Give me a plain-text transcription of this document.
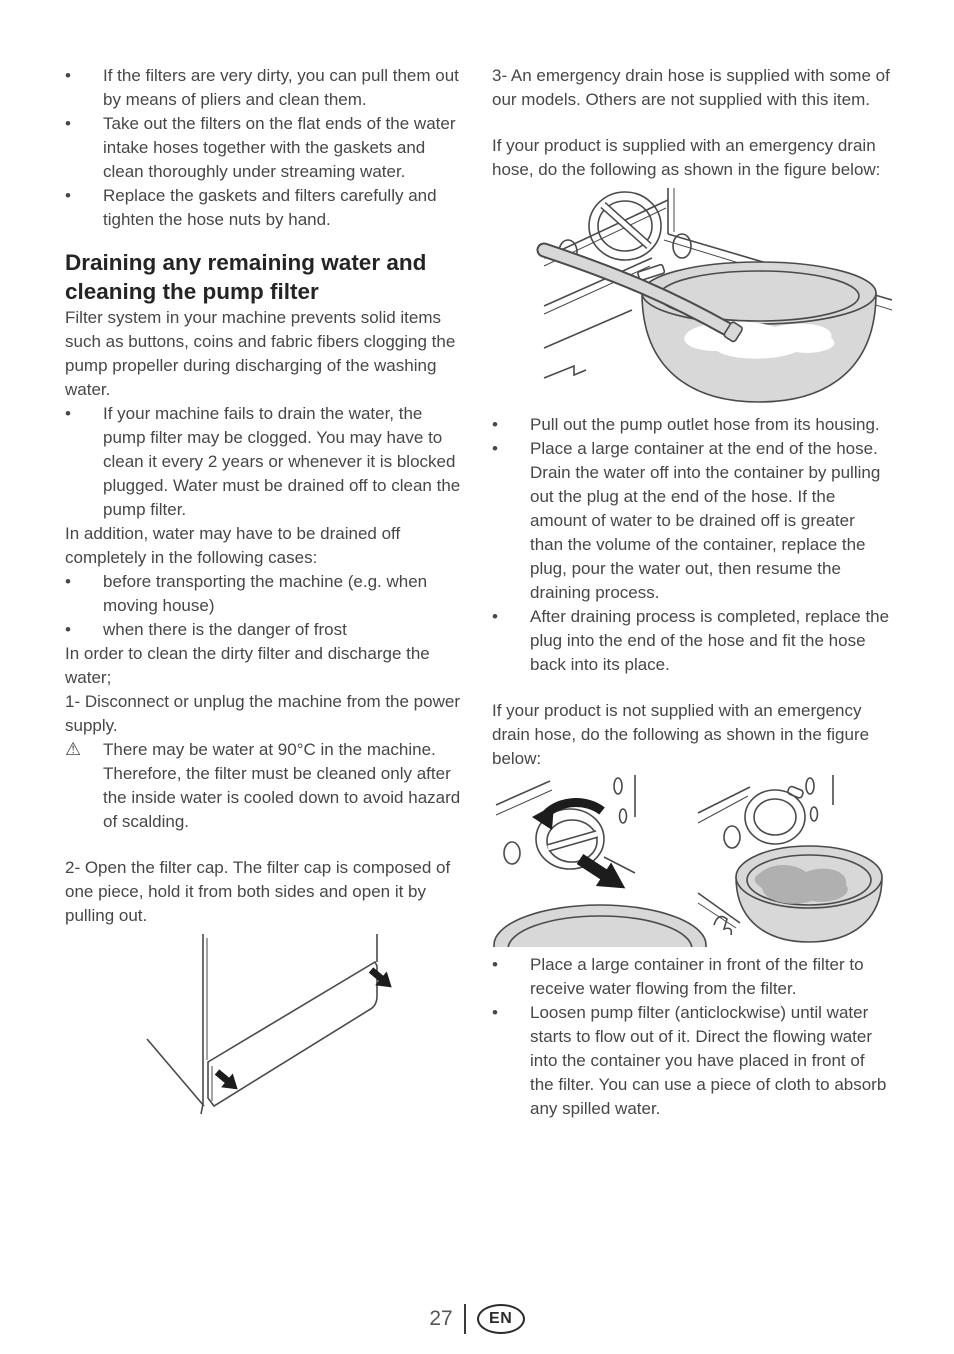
•	If the filters are very dirty, you can pull them out by means of pliers and clean them.
•	Take out the filters on the flat ends of the water intake hoses together with the gaskets and clean thoroughly under streaming water.
•	Replace the gaskets and filters carefully and tighten the hose nuts by hand.
Draining any remaining water and cleaning the pump filter

Filter system in your machine prevents solid items such as buttons, coins and fabric fibers clogging the pump propeller during discharging of the washing water.

•	If your machine fails to drain the water, the pump filter may be clogged. You may have to clean it every 2 years or whenever it is blocked plugged. Water must be drained off to clean the pump filter.

In addition, water may have to be drained off completely in the following cases:

•	before transporting the machine (e.g. when moving house)
•	when there is the danger of frost

In order to clean the dirty filter and discharge the water;

1- Disconnect or unplug the machine from the power supply.

⚠	There may be water at 90°C in the machine. Therefore, the filter must be cleaned only after the inside water is cooled down to avoid hazard of scalding.

2- Open the filter cap. The filter cap is composed of one piece, hold it from both sides and open it by pulling out.

3- An emergency drain hose is supplied with some of our models. Others are not supplied with this item.

If your product is supplied with an emergency drain hose, do the following as shown in the figure below:

•	Pull out the pump outlet hose from its housing.
•	Place a large container at the end of the hose. Drain the water off into the container by pulling out the plug at the end of the hose. If the amount of water to be drained off is greater than the volume of the container, replace the plug, pour the water out, then resume the draining process.
•	After draining process is completed, replace the plug into the end of the hose and fit the hose back into its place.

If your product is not supplied with an emergency drain hose, do the following as shown in the figure below:

•	Place a large container in front of the filter to receive water flowing from the filter.
•	Loosen pump filter (anticlockwise) until water starts to flow out of it. Direct the flowing water into the container you have placed in front of the filter. You can use a piece of cloth to absorb any spilled water.
27	EN
